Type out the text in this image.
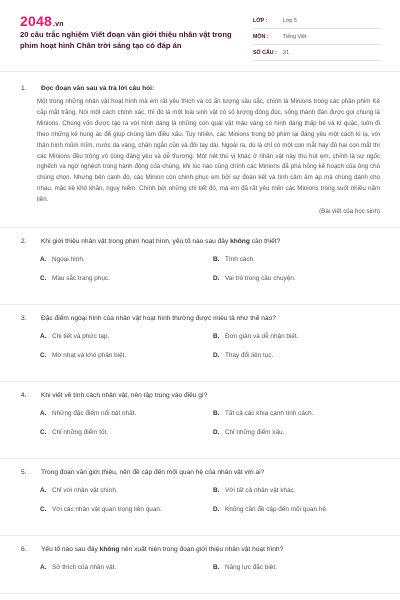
2048.vn
20 câu trắc nghiệm Viết đoạn văn giới thiệu nhân vật trong phim hoạt hình Chân trời sáng tạo có đáp án
LỚP :	Lớp 5
MÔN :	Tiếng Việt
SỐ CÂU :	21
1. Đọc đoạn văn sau và trả lời câu hỏi:
Một trong những nhân vật hoạt hình mà em rất yêu thích và có ấn tượng sâu sắc, chính là Minions trong các phần phim Kẻ cắp mặt trăng. Nói một cách chính xác, thì đó là một loài sinh vật có số lượng đông đúc, sống thành đàn được gọi chung là Minions. Chúng vốn được tạo ra với hình dáng là những con quái vật màu vàng có hình dáng thấp bé và kì quặc, luôn đi theo những kẻ hung ác để giúp chúng làm điều xấu. Tuy nhiên, các Minions trong bộ phim lại đáng yêu một cách kì lạ, với thân hình mũm mĩm, nước da vàng, chân ngắn cũn và đôi tay dài. Ngoài ra, dù là chỉ có một con mắt hay đủ hai con mắt thì các Minions đều trông vô cùng đáng yêu và dễ thương. Một nét thú vị khác ở nhân vật này thu hút em, chính là sự ngốc nghếch và ngờ nghệch trong hành động của chúng, khi lúc nào cũng chính các Minions đã phá hỏng kế hoạch của ông chủ chúng chọn. Nhưng bên cạnh đó, các Minion còn chinh phục em bởi sự đoàn kết và tình cảm ấm áp mà chúng dành cho nhau, mặc kệ khó khăn, nguy hiểm. Chính bởi những chi tiết đó, mà em đã rất yêu mến các Minions trong suốt nhiều năm liền.
(Bài viết của học sinh)
2. Khi giới thiệu nhân vật trong phim hoạt hình, yếu tố nào sau đây không cần thiết?
A. Ngoại hình.	B. Tính cách.
C. Màu sắc trang phục.	D. Vai trò trong câu chuyện.
3. Đặc điểm ngoại hình của nhân vật hoạt hình thường được miêu tả như thế nào?
A. Chi tiết và phức tạp.	B. Đơn giản và dễ nhận biết.
C. Mờ nhạt và khó phân biệt.	D. Thay đổi liên tục.
4. Khi viết về tính cách nhân vật, nên tập trung vào điều gì?
A. Những đặc điểm nổi bật nhất.	B. Tất cả các khía cạnh tính cách.
C. Chỉ những điểm tốt.	D. Chỉ những điểm xấu.
5. Trong đoạn văn giới thiệu, nên đề cập đến mối quan hệ của nhân vật với ai?
A. Chỉ với nhân vật chính.	B. Với tất cả nhân vật khác.
C. Với các nhân vật quan trọng liên quan.	D. Không cần đề cập đến mối quan hệ.
6. Yếu tố nào sau đây không nên xuất hiện trong đoạn giới thiệu nhân vật hoạt hình?
A. Sở thích của nhân vật.	B. Năng lực đặc biệt.
